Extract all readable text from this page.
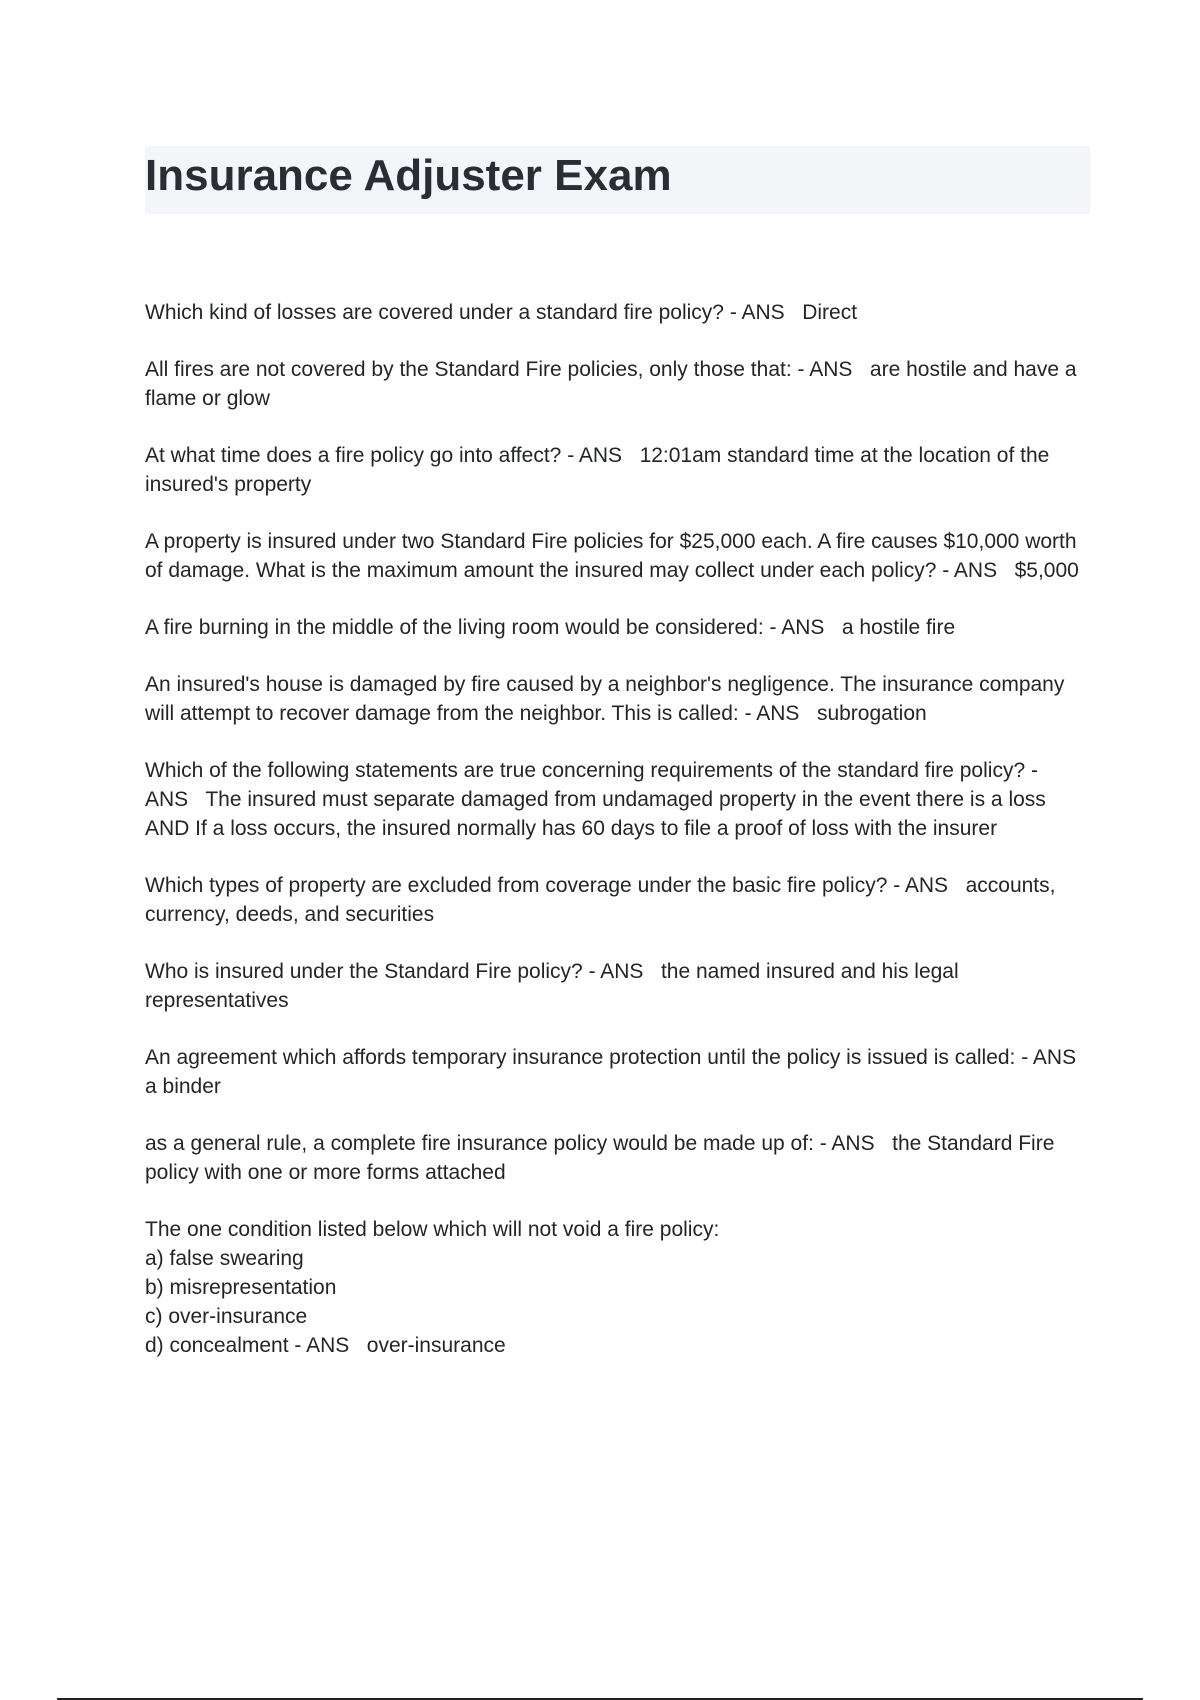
Insurance Adjuster Exam

Which kind of losses are covered under a standard fire policy? - ANS Direct

All fires are not covered by the Standard Fire policies, only those that: - ANS are hostile and have a flame or glow

At what time does a fire policy go into affect? - ANS 12:01am standard time at the location of the insured's property

A property is insured under two Standard Fire policies for $25,000 each. A fire causes $10,000 worth of damage. What is the maximum amount the insured may collect under each policy? - ANS $5,000

A fire burning in the middle of the living room would be considered: - ANS a hostile fire

An insured's house is damaged by fire caused by a neighbor's negligence. The insurance company will attempt to recover damage from the neighbor. This is called: - ANS subrogation

Which of the following statements are true concerning requirements of the standard fire policy? - ANS The insured must separate damaged from undamaged property in the event there is a loss AND If a loss occurs, the insured normally has 60 days to file a proof of loss with the insurer

Which types of property are excluded from coverage under the basic fire policy? - ANS accounts, currency, deeds, and securities

Who is insured under the Standard Fire policy? - ANS the named insured and his legal representatives

An agreement which affords temporary insurance protection until the policy is issued is called: - ANS   a binder

as a general rule, a complete fire insurance policy would be made up of: - ANS the Standard Fire policy with one or more forms attached

The one condition listed below which will not void a fire policy:
a) false swearing
b) misrepresentation
c) over-insurance
d) concealment - ANS over-insurance
